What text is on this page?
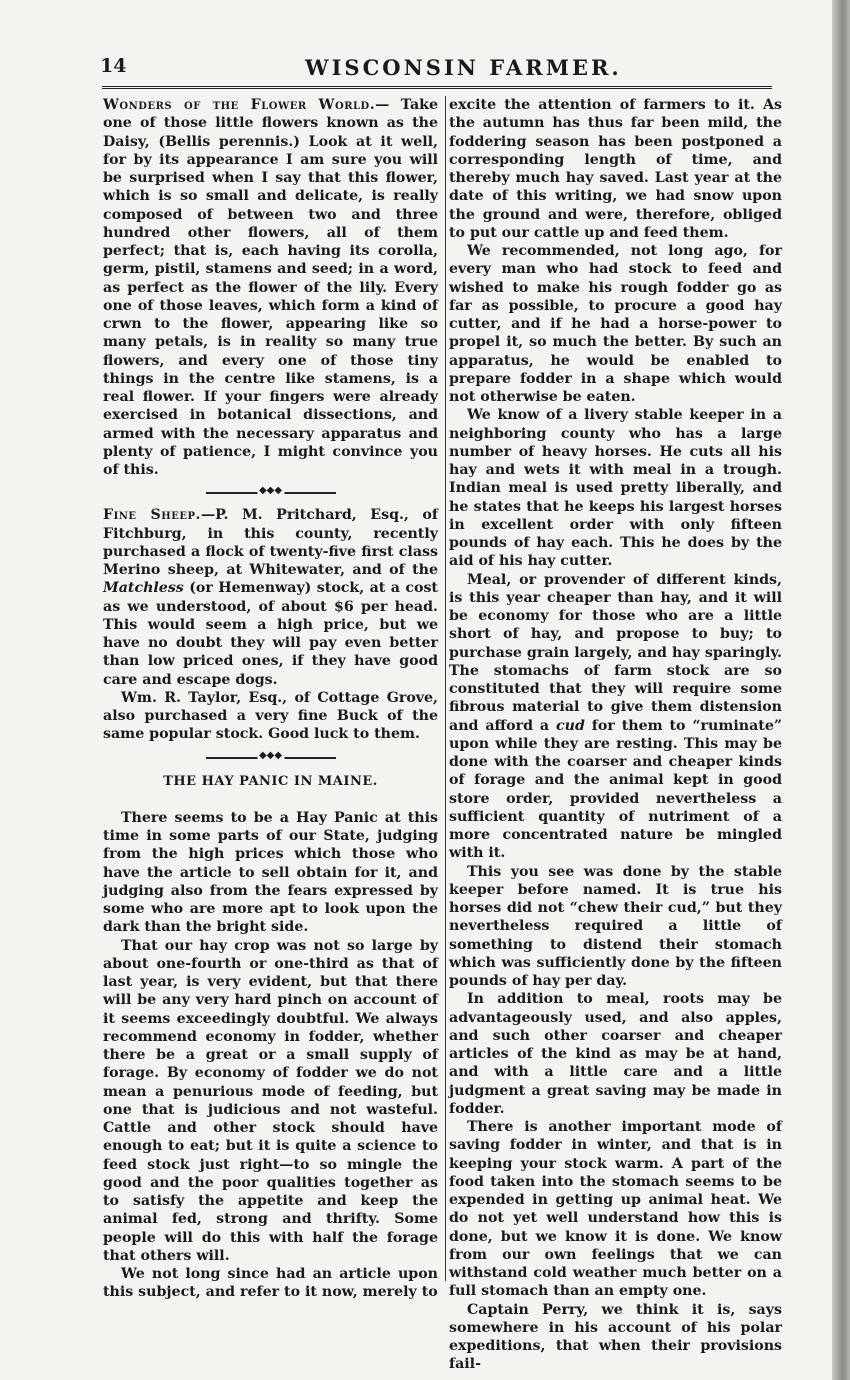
14	WISCONSIN FARMER.

Wonders of the Flower World.— Take one of those little flowers known as the Daisy, (Bellis perennis.) Look at it well, for by its appearance I am sure you will be surprised when I say that this flower, which is so small and delicate, is really composed of between two and three hundred other flowers, all of them perfect; that is, each having its corolla, germ, pistil, stamens and seed; in a word, as perfect as the flower of the lily. Every one of those leaves, which form a kind of crwn to the flower, appearing like so many petals, is in reality so many true flowers, and every one of those tiny things in the centre like stamens, is a real flower. If your fingers were already exercised in botanical dissections, and armed with the necessary apparatus and plenty of patience, I might convince you of this.

◆◆◆

Fine Sheep.—P. M. Pritchard, Esq., of Fitchburg, in this county, recently purchased a flock of twenty-five first class Merino sheep, at Whitewater, and of the Matchless (or Hemenway) stock, at a cost as we understood, of about $6 per head. This would seem a high price, but we have no doubt they will pay even better than low priced ones, if they have good care and escape dogs.

Wm. R. Taylor, Esq., of Cottage Grove, also purchased a very fine Buck of the same popular stock. Good luck to them.

◆◆◆
THE HAY PANIC IN MAINE.

There seems to be a Hay Panic at this time in some parts of our State, judging from the high prices which those who have the article to sell obtain for it, and judging also from the fears expressed by some who are more apt to look upon the dark than the bright side.

That our hay crop was not so large by about one-fourth or one-third as that of last year, is very evident, but that there will be any very hard pinch on account of it seems exceedingly doubtful. We always recommend economy in fodder, whether there be a great or a small supply of forage. By economy of fodder we do not mean a penurious mode of feeding, but one that is judicious and not wasteful. Cattle and other stock should have enough to eat; but it is quite a science to feed stock just right—to so mingle the good and the poor qualities together as to satisfy the appetite and keep the animal fed, strong and thrifty. Some people will do this with half the forage that others will.

We not long since had an article upon this subject, and refer to it now, merely to

excite the attention of farmers to it. As the autumn has thus far been mild, the foddering season has been postponed a corresponding length of time, and thereby much hay saved. Last year at the date of this writing, we had snow upon the ground and were, therefore, obliged to put our cattle up and feed them.

We recommended, not long ago, for every man who had stock to feed and wished to make his rough fodder go as far as possible, to procure a good hay cutter, and if he had a horse-power to propel it, so much the better. By such an apparatus, he would be enabled to prepare fodder in a shape which would not otherwise be eaten.

We know of a livery stable keeper in a neighboring county who has a large number of heavy horses. He cuts all his hay and wets it with meal in a trough. Indian meal is used pretty liberally, and he states that he keeps his largest horses in excellent order with only fifteen pounds of hay each. This he does by the aid of his hay cutter.

Meal, or provender of different kinds, is this year cheaper than hay, and it will be economy for those who are a little short of hay, and propose to buy; to purchase grain largely, and hay sparingly. The stomachs of farm stock are so constituted that they will require some fibrous material to give them distension and afford a cud for them to “ruminate” upon while they are resting. This may be done with the coarser and cheaper kinds of forage and the animal kept in good store order, provided nevertheless a sufficient quantity of nutriment of a more concentrated nature be mingled with it.

This you see was done by the stable keeper before named. It is true his horses did not “chew their cud,” but they nevertheless required a little of something to distend their stomach which was sufficiently done by the fifteen pounds of hay per day.

In addition to meal, roots may be advantageously used, and also apples, and such other coarser and cheaper articles of the kind as may be at hand, and with a little care and a little judgment a great saving may be made in fodder.

There is another important mode of saving fodder in winter, and that is in keeping your stock warm. A part of the food taken into the stomach seems to be expended in getting up animal heat. We do not yet well understand how this is done, but we know it is done. We know from our own feelings that we can withstand cold weather much better on a full stomach than an empty one.

Captain Perry, we think it is, says somewhere in his account of his polar expeditions, that when their provisions fail-
